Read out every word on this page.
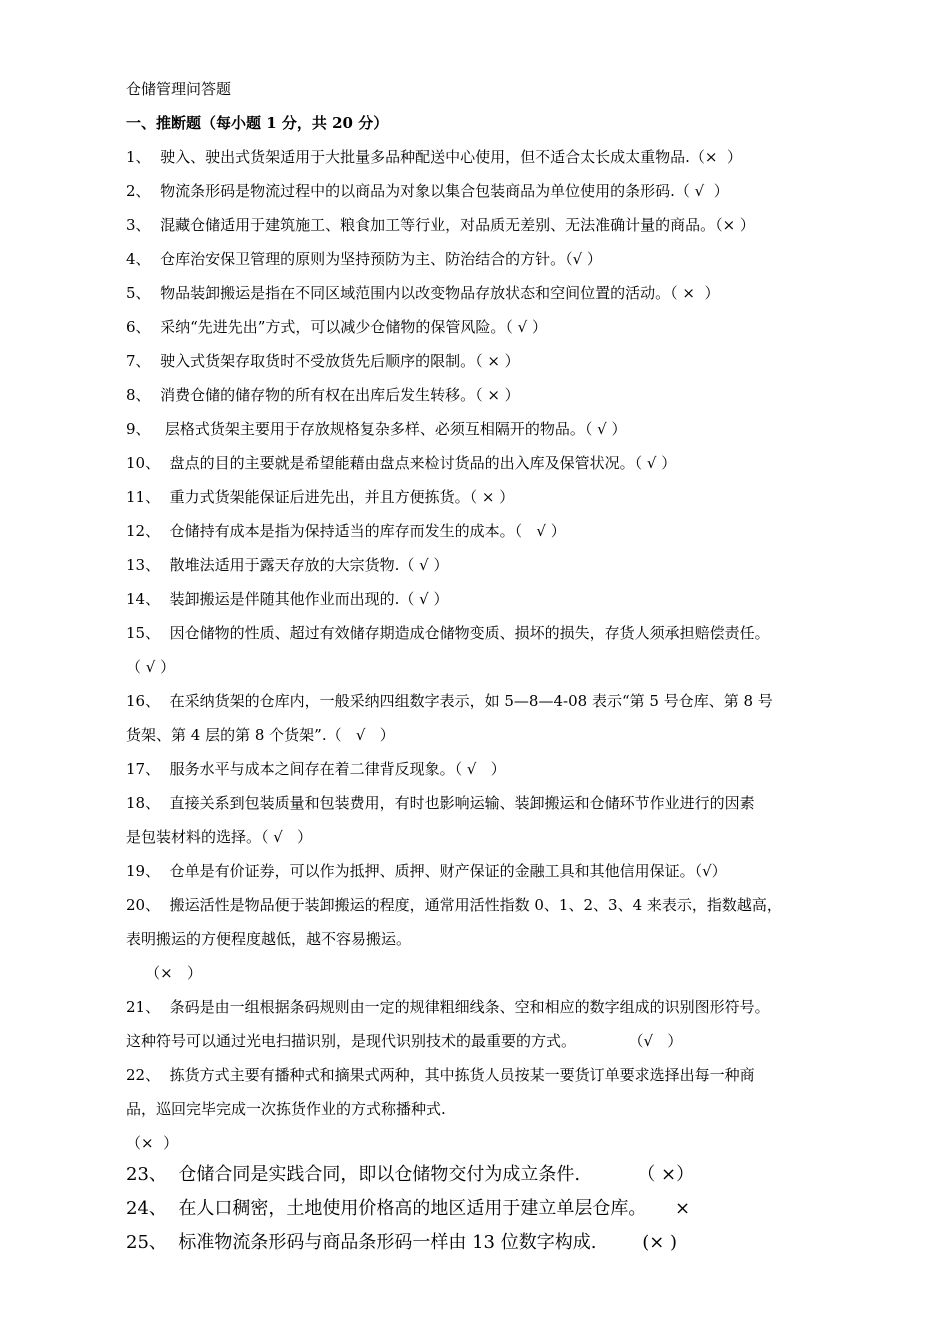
仓储管理问答题
一、推断题（每小题 1 分，共 20 分）
1、  驶入、驶出式货架适用于大批量多品种配送中心使用，但不适合太长成太重物品.（×  ）
2、  物流条形码是物流过程中的以商品为对象以集合包装商品为单位使用的条形码.（ √  ）
3、  混藏仓储适用于建筑施工、粮食加工等行业，对品质无差别、无法准确计量的商品。（× ）
4、  仓库治安保卫管理的原则为坚持预防为主、防治结合的方针。（√ ）
5、  物品装卸搬运是指在不同区域范围内以改变物品存放状态和空间位置的活动。（ ×  ）
6、  采纳“先进先出”方式，可以减少仓储物的保管风险。（ √ ）
7、  驶入式货架存取货时不受放货先后顺序的限制。（ × ）
8、  消费仓储的储存物的所有权在出库后发生转移。（ × ）
9、   层格式货架主要用于存放规格复杂多样、必须互相隔开的物品。（ √ ）
10、  盘点的目的主要就是希望能藉由盘点来检讨货品的出入库及保管状况。（ √ ）
11、  重力式货架能保证后进先出，并且方便拣货。（ × ）
12、  仓储持有成本是指为保持适当的库存而发生的成本。（   √ ）
13、  散堆法适用于露天存放的大宗货物.（ √ ）
14、  装卸搬运是伴随其他作业而出现的.（ √ ）
15、  因仓储物的性质、超过有效储存期造成仓储物变质、损坏的损失，存货人须承担赔偿责任。
（ √ ）
16、  在采纳货架的仓库内，一般采纳四组数字表示，如 5—8—4-08 表示“第 5 号仓库、第 8 号
货架、第 4 层的第 8 个货架”.（   √   ）
17、  服务水平与成本之间存在着二律背反现象。（ √   ）
18、  直接关系到包装质量和包装费用，有时也影响运输、装卸搬运和仓储环节作业进行的因素
是包装材料的选择。（ √   ）
19、  仓单是有价证券，可以作为抵押、质押、财产保证的金融工具和其他信用保证。（√）
20、  搬运活性是物品便于装卸搬运的程度，通常用活性指数 0、1、2、3、4 来表示，指数越高，
表明搬运的方便程度越低，越不容易搬运。
（×   ）
21、  条码是由一组根据条码规则由一定的规律粗细线条、空和相应的数字组成的识别图形符号。
这种符号可以通过光电扫描识别，是现代识别技术的最重要的方式。           （√   ）
22、  拣货方式主要有播种式和摘果式两种，其中拣货人员按某一要货订单要求选择出每一种商
品，巡回完毕完成一次拣货作业的方式称播种式.
（×  ）
23、  仓储合同是实践合同，即以仓储物交付为成立条件.          （ ×）
24、  在人口稠密，土地使用价格高的地区适用于建立单层仓库。     ×
25、  标准物流条形码与商品条形码一样由 13 位数字构成.        (× )
